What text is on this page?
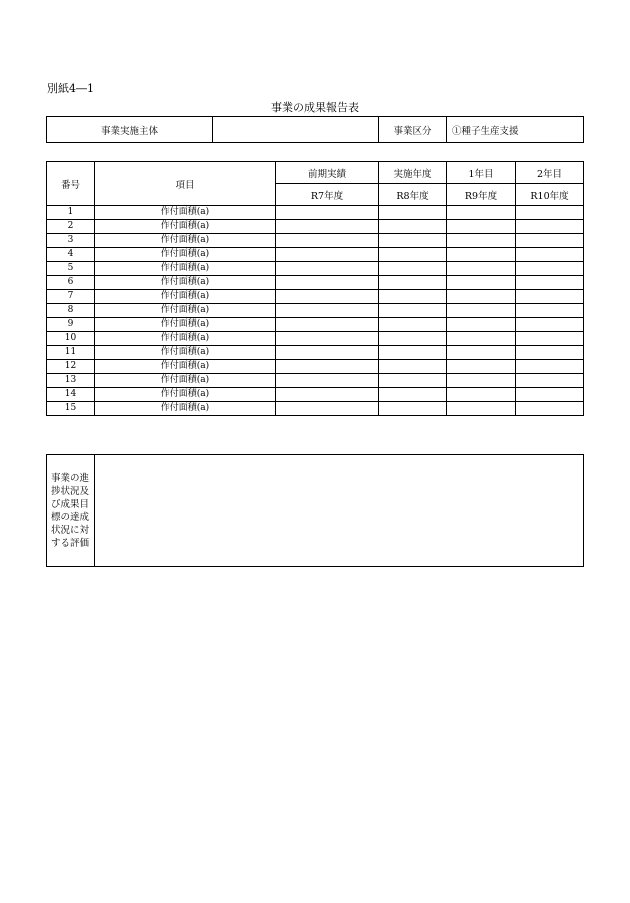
別紙4―1
事業の成果報告表
事業実施主体		事業区分	①種子生産支援
番号	項目	前期実績	実施年度	1年目	2年目
		R7年度	R8年度	R9年度	R10年度
1	作付面積(a)				
2	作付面積(a)				
3	作付面積(a)				
4	作付面積(a)				
5	作付面積(a)				
6	作付面積(a)				
7	作付面積(a)				
8	作付面積(a)				
9	作付面積(a)				
10	作付面積(a)				
11	作付面積(a)				
12	作付面積(a)				
13	作付面積(a)				
14	作付面積(a)				
15	作付面積(a)				
事業の進
捗状況及
び成果目
標の達成
状況に対
する評価
